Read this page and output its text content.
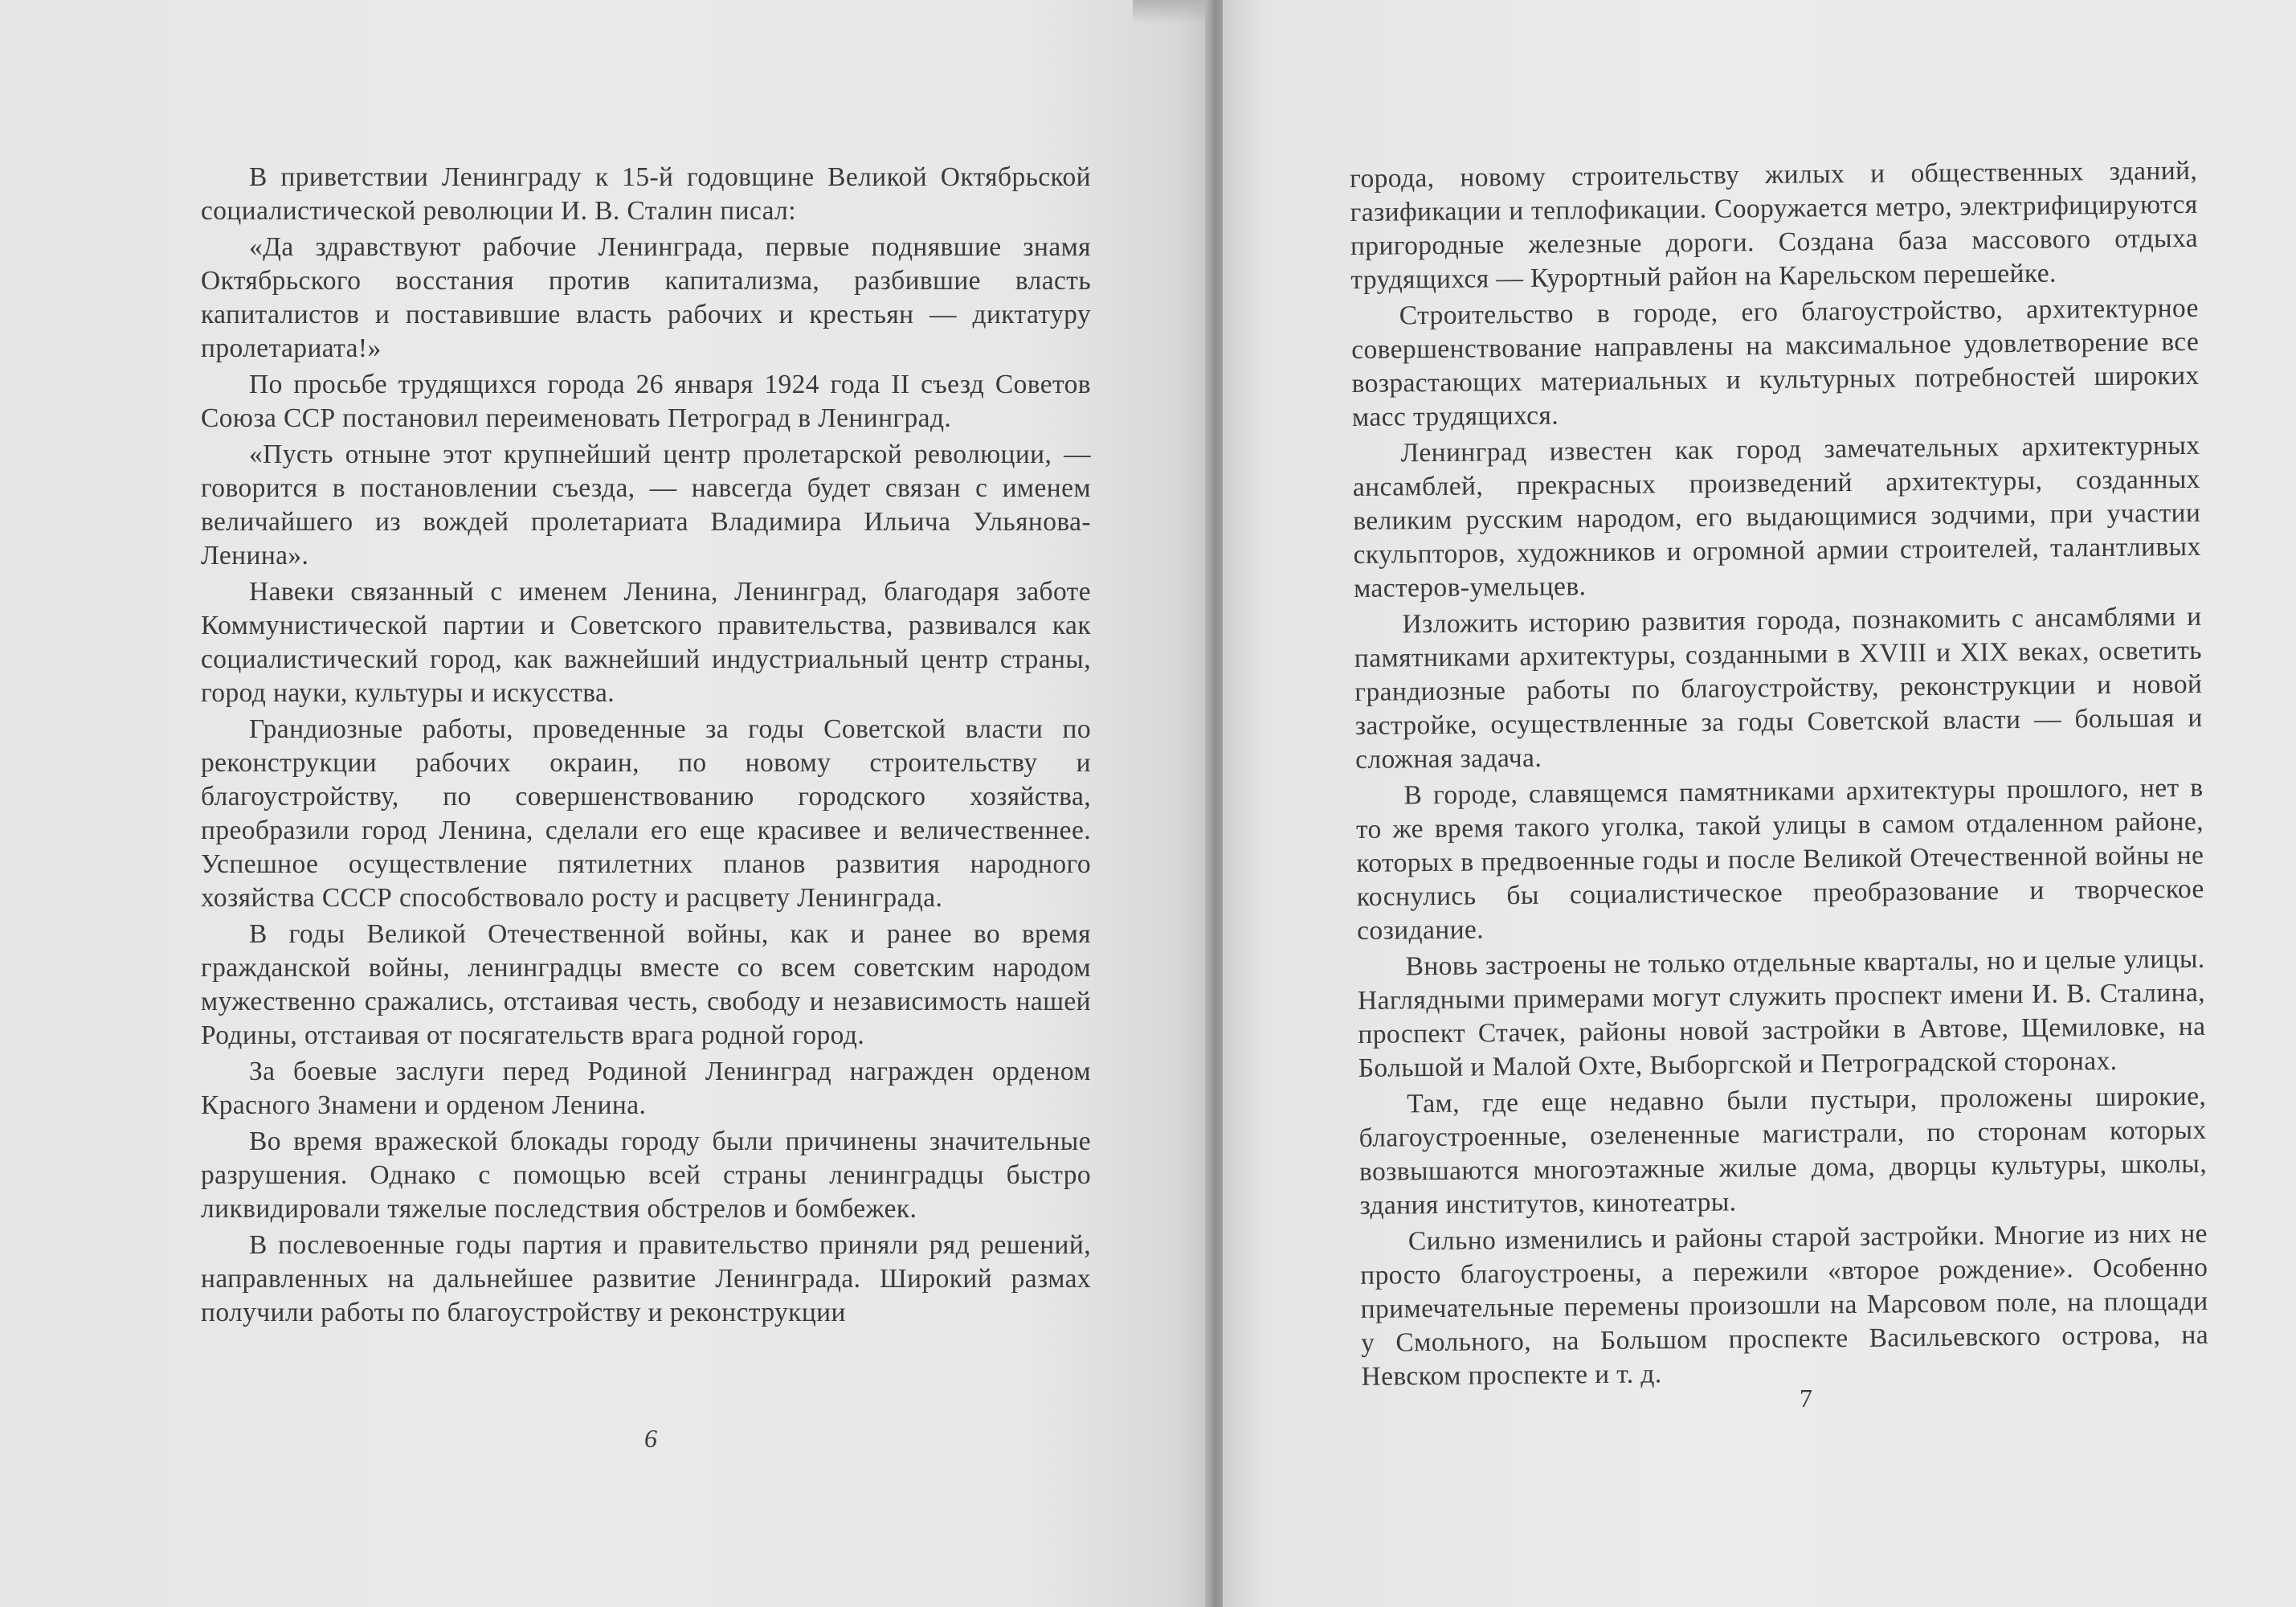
В приветствии Ленинграду к 15-й годовщине Великой Октябрьской социалистической революции И. В. Сталин писал:

«Да здравствуют рабочие Ленинграда, первые поднявшие знамя Октябрьского восстания против капитализма, разбившие власть капиталистов и поставившие власть рабочих и крестьян — диктатуру пролетариата!»

По просьбе трудящихся города 26 января 1924 года II съезд Советов Союза ССР постановил переименовать Петроград в Ленинград.

«Пусть отныне этот крупнейший центр пролетарской революции, — говорится в постановлении съезда, — навсегда будет связан с именем величайшего из вождей пролетариата Владимира Ильича Ульянова-Ленина».

Навеки связанный с именем Ленина, Ленинград, благодаря заботе Коммунистической партии и Советского правительства, развивался как социалистический город, как важнейший индустриальный центр страны, город науки, культуры и искусства.

Грандиозные работы, проведенные за годы Советской власти по реконструкции рабочих окраин, по новому строительству и благоустройству, по совершенствованию городского хозяйства, преобразили город Ленина, сделали его еще красивее и величественнее. Успешное осуществление пятилетних планов развития народного хозяйства СССР способствовало росту и расцвету Ленинграда.

В годы Великой Отечественной войны, как и ранее во время гражданской войны, ленинградцы вместе со всем советским народом мужественно сражались, отстаивая честь, свободу и независимость нашей Родины, отстаивая от посягательств врага родной город.

За боевые заслуги перед Родиной Ленинград награжден орденом Красного Знамени и орденом Ленина.

Во время вражеской блокады городу были причинены значительные разрушения. Однако с помощью всей страны ленинградцы быстро ликвидировали тяжелые последствия обстрелов и бомбежек.

В послевоенные годы партия и правительство приняли ряд решений, направленных на дальнейшее развитие Ленинграда. Широкий размах получили работы по благоустройству и реконструкции

6

города, новому строительству жилых и общественных зданий, газификации и теплофикации. Сооружается метро, электрифицируются пригородные железные дороги. Создана база массового отдыха трудящихся — Курортный район на Карельском перешейке.

Строительство в городе, его благоустройство, архитектурное совершенствование направлены на максимальное удовлетворение все возрастающих материальных и культурных потребностей широких масс трудящихся.

Ленинград известен как город замечательных архитектурных ансамблей, прекрасных произведений архитектуры, созданных великим русским народом, его выдающимися зодчими, при участии скульпторов, художников и огромной армии строителей, талантливых мастеров-умельцев.

Изложить историю развития города, познакомить с ансамблями и памятниками архитектуры, созданными в XVIII и XIX веках, осветить грандиозные работы по благоустройству, реконструкции и новой застройке, осуществленные за годы Советской власти — большая и сложная задача.

В городе, славящемся памятниками архитектуры прошлого, нет в то же время такого уголка, такой улицы в самом отдаленном районе, которых в предвоенные годы и после Великой Отечественной войны не коснулись бы социалистическое преобразование и творческое созидание.

Вновь застроены не только отдельные кварталы, но и целые улицы. Наглядными примерами могут служить проспект имени И. В. Сталина, проспект Стачек, районы новой застройки в Автове, Щемиловке, на Большой и Малой Охте, Выборгской и Петроградской сторонах.

Там, где еще недавно были пустыри, проложены широкие, благоустроенные, озелененные магистрали, по сторонам которых возвышаются многоэтажные жилые дома, дворцы культуры, школы, здания институтов, кинотеатры.

Сильно изменились и районы старой застройки. Многие из них не просто благоустроены, а пережили «второе рождение». Особенно примечательные перемены произошли на Марсовом поле, на площади у Смольного, на Большом проспекте Васильевского острова, на Невском проспекте и т. д.

7
